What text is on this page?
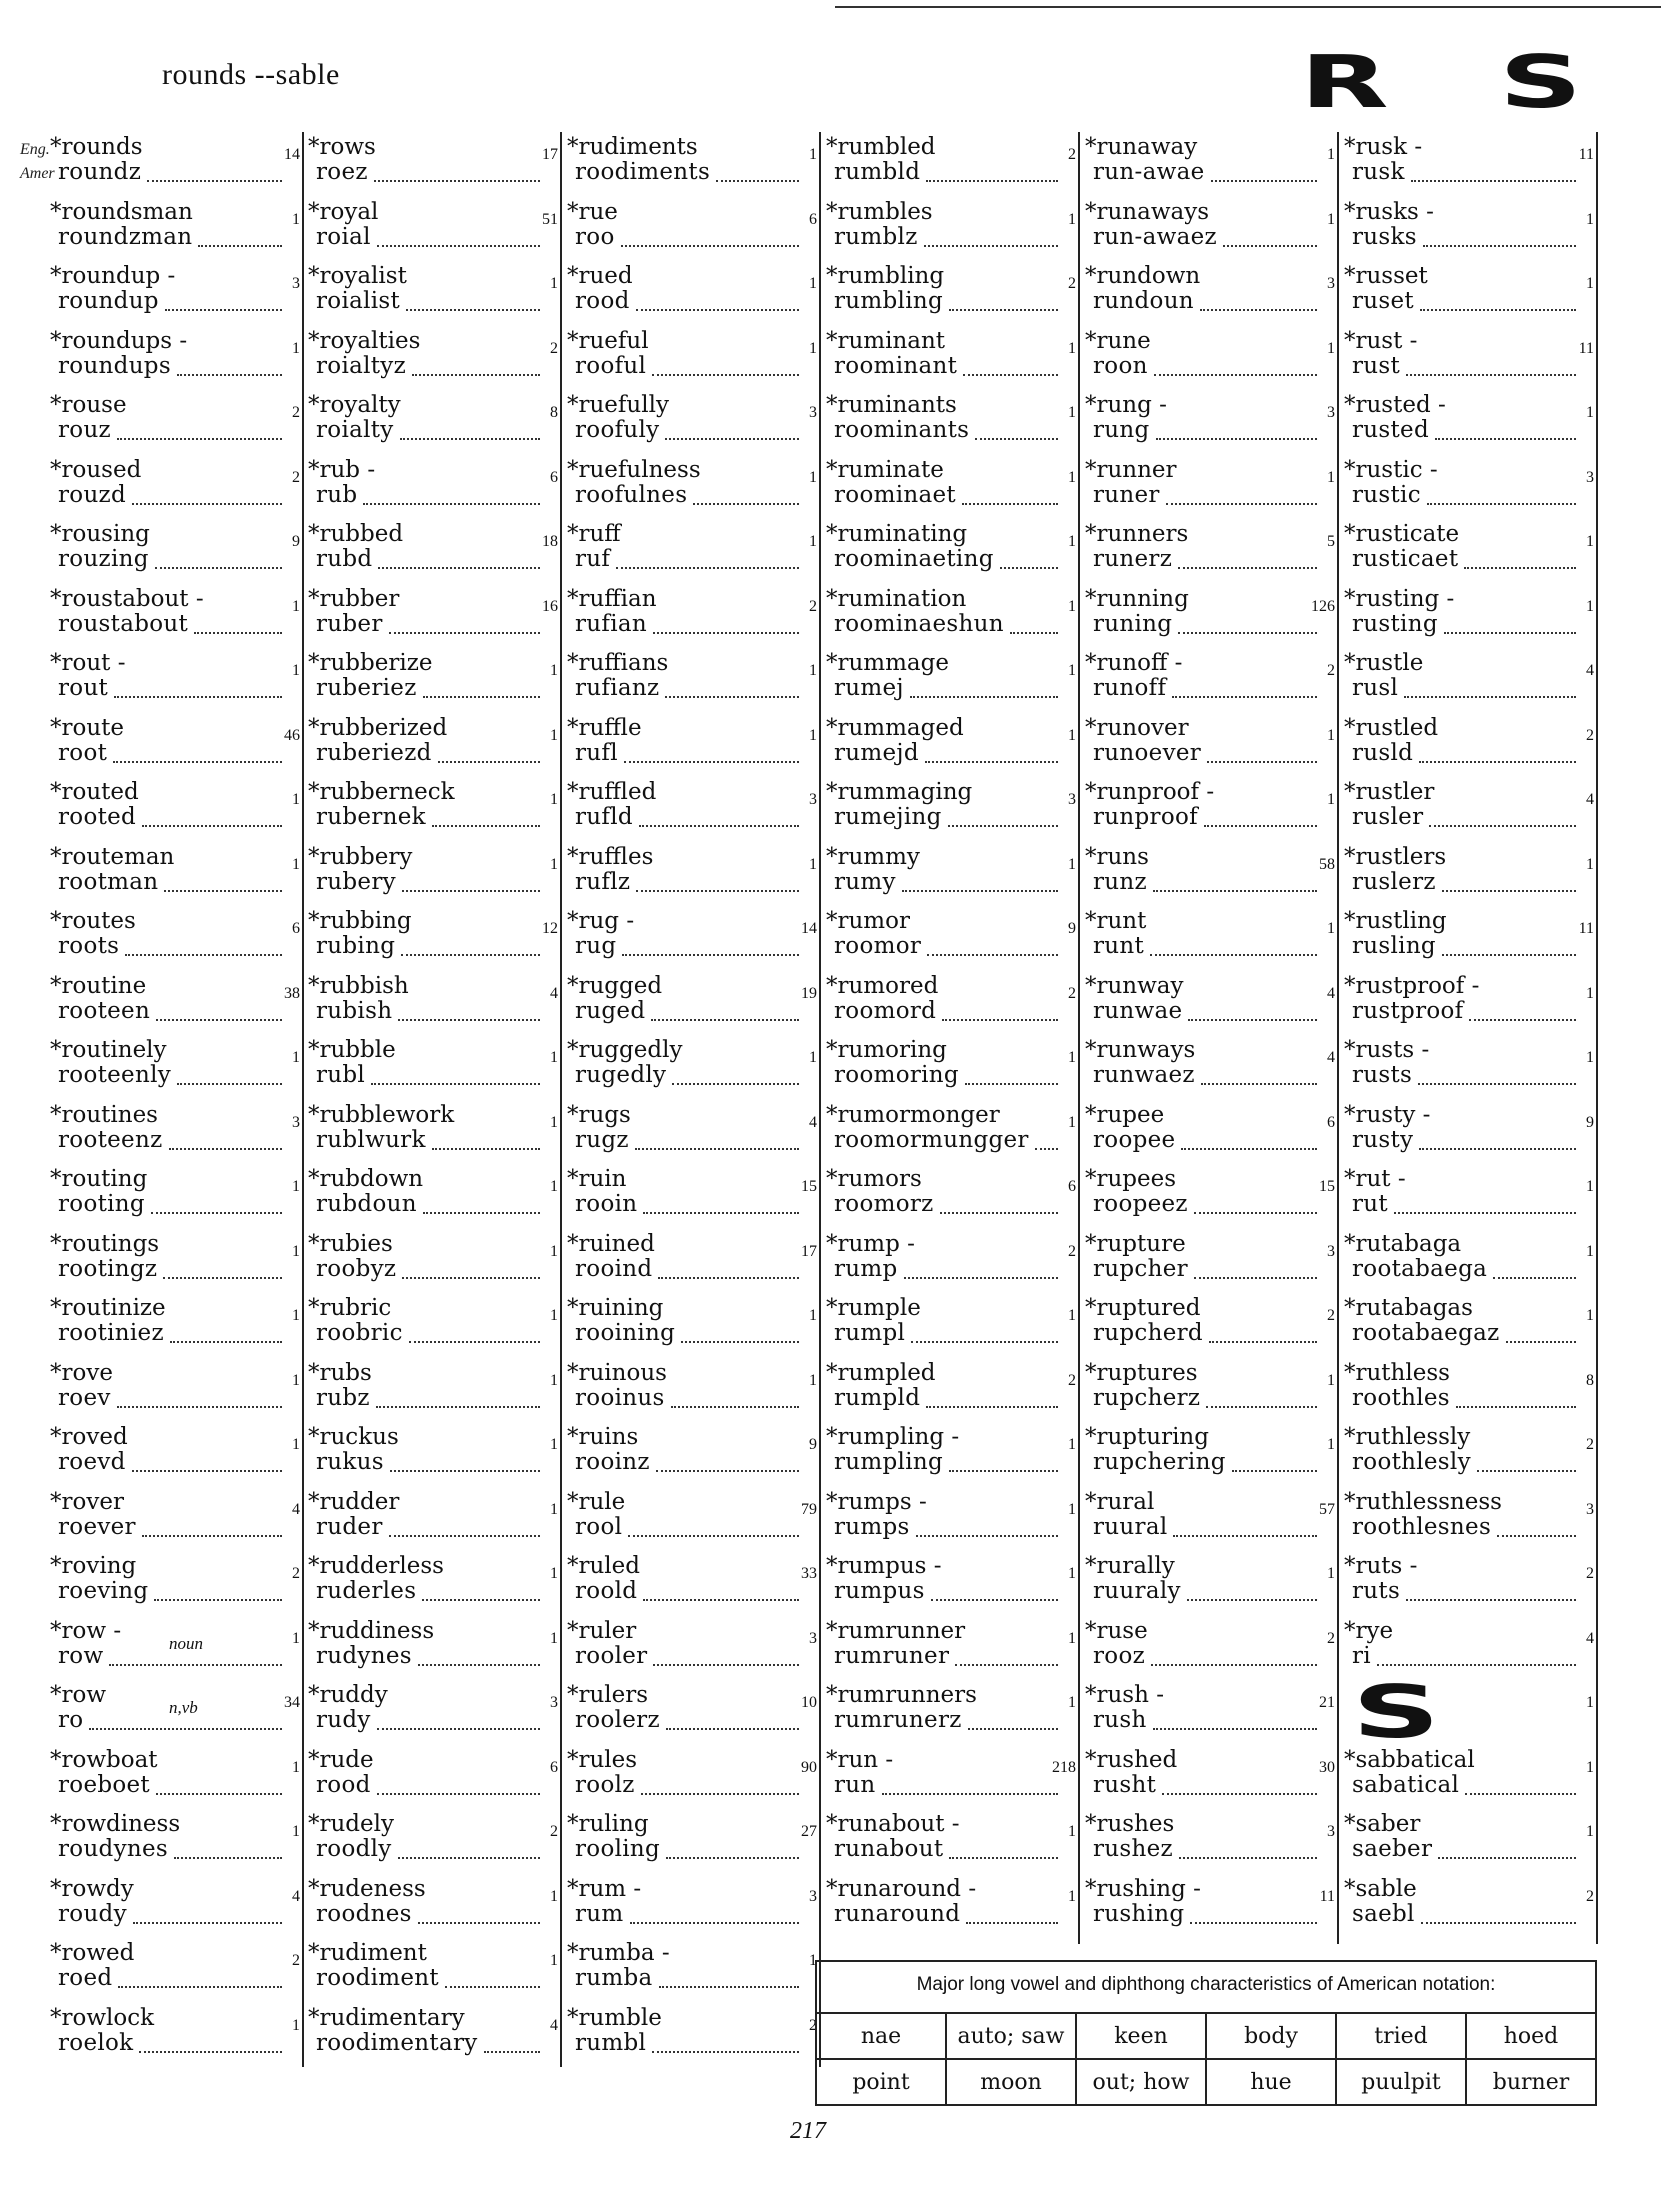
rounds --sable	R S
Eng.
Amer
*rounds
roundz
14
*roundsman
roundzman
1
*roundup -
roundup
3
*roundups -
roundups
1
*rouse
rouz
2
*roused
rouzd
2
*rousing
rouzing
9
*roustabout -
roustabout
1
*rout -
rout
1
*route
root
46
*routed
rooted
1
*routeman
rootman
1
*routes
roots
6
*routine
rooteen
38
*routinely
rooteenly
1
*routines
rooteenz
3
*routing
rooting
1
*routings
rootingz
1
*routinize
rootiniez
1
*rove
roev
1
*roved
roevd
1
*rover
roever
4
*roving
roeving
2
*row -
row	noun	1
*row
ro	n,vb	34
*rowboat
roeboet
1
*rowdiness
roudynes
1
*rowdy
roudy
4
*rowed
roed
2
*rowlock
roelok
1
*rows
roez
17
*royal
roial
51
*royalist
roialist
1
*royalties
roialtyz
2
*royalty
roialty
8
*rub -
rub
6
*rubbed
rubd
18
*rubber
ruber
16
*rubberize
ruberiez
1
*rubberized
ruberiezd
1
*rubberneck
rubernek
1
*rubbery
rubery
1
*rubbing
rubing
12
*rubbish
rubish
4
*rubble
rubl
1
*rubblework
rublwurk
1
*rubdown
rubdoun
1
*rubies
roobyz
1
*rubric
roobric
1
*rubs
rubz
1
*ruckus
rukus
1
*rudder
ruder
1
*rudderless
ruderles
1
*ruddiness
rudynes
1
*ruddy
rudy
3
*rude
rood
6
*rudely
roodly
2
*rudeness
roodnes
1
*rudiment
roodiment
1
*rudimentary
roodimentary
4
*rudiments
roodiments
1
*rue
roo
6
*rued
rood
1
*rueful
rooful
1
*ruefully
roofuly
3
*ruefulness
roofulnes
1
*ruff
ruf
1
*ruffian
rufian
2
*ruffians
rufianz
1
*ruffle
rufl
1
*ruffled
rufld
3
*ruffles
ruflz
1
*rug -
rug
14
*rugged
ruged
19
*ruggedly
rugedly
1
*rugs
rugz
4
*ruin
rooin
15
*ruined
rooind
17
*ruining
rooining
1
*ruinous
rooinus
1
*ruins
rooinz
9
*rule
rool
79
*ruled
roold
33
*ruler
rooler
3
*rulers
roolerz
10
*rules
roolz
90
*ruling
rooling
27
*rum -
rum
3
*rumba -
rumba
1
*rumble
rumbl
2
*rumbled
rumbld
2
*rumbles
rumblz
1
*rumbling
rumbling
2
*ruminant
roominant
1
*ruminants
roominants
1
*ruminate
roominaet
1
*ruminating
roominaeting
1
*rumination
roominaeshun
1
*rummage
rumej
1
*rummaged
rumejd
1
*rummaging
rumejing
3
*rummy
rumy
1
*rumor
roomor
9
*rumored
roomord
2
*rumoring
roomoring
1
*rumormonger
roomormungger
1
*rumors
roomorz
6
*rump -
rump
2
*rumple
rumpl
1
*rumpled
rumpld
2
*rumpling -
rumpling
1
*rumps -
rumps
1
*rumpus -
rumpus
1
*rumrunner
rumruner
1
*rumrunners
rumrunerz
1
*run -
run
218
*runabout -
runabout
1
*runaround -
runaround
1
*runaway
run-awae
1
*runaways
run-awaez
1
*rundown
rundoun
3
*rune
roon
1
*rung -
rung
3
*runner
runer
1
*runners
runerz
5
*running
runing
126
*runoff -
runoff
2
*runover
runoever
1
*runproof -
runproof
1
*runs
runz
58
*runt
runt
1
*runway
runwae
4
*runways
runwaez
4
*rupee
roopee
6
*rupees
roopeez
15
*rupture
rupcher
3
*ruptured
rupcherd
2
*ruptures
rupcherz
1
*rupturing
rupchering
1
*rural
ruural
57
*rurally
ruuraly
1
*ruse
rooz
2
*rush -
rush
21
*rushed
rusht
30
*rushes
rushez
3
*rushing -
rushing
11
*rusk -
rusk
11
*rusks -
rusks
1
*russet
ruset
1
*rust -
rust
11
*rusted -
rusted
1
*rustic -
rustic
3
*rusticate
rusticaet
1
*rusting -
rusting
1
*rustle
rusl
4
*rustled
rusld
2
*rustler
rusler
4
*rustlers
ruslerz
1
*rustling
rusling
11
*rustproof -
rustproof
1
*rusts -
rusts
1
*rusty -
rusty
9
*rut -
rut
1
*rutabaga
rootabaega
1
*rutabagas
rootabaegaz
1
*ruthless
roothles
8
*ruthlessly
roothlesly
2
*ruthlessness
roothlesnes
3
*ruts -
ruts
2
*rye
ri
4
S	1
*sabbatical
sabatical
1
*saber
saeber
1
*sable
saebl
2
Major long vowel and diphthong characteristics of American notation:
nae	auto; saw	keen	body	tried	hoed
point	moon	out; how	hue	puulpit	burner
217
